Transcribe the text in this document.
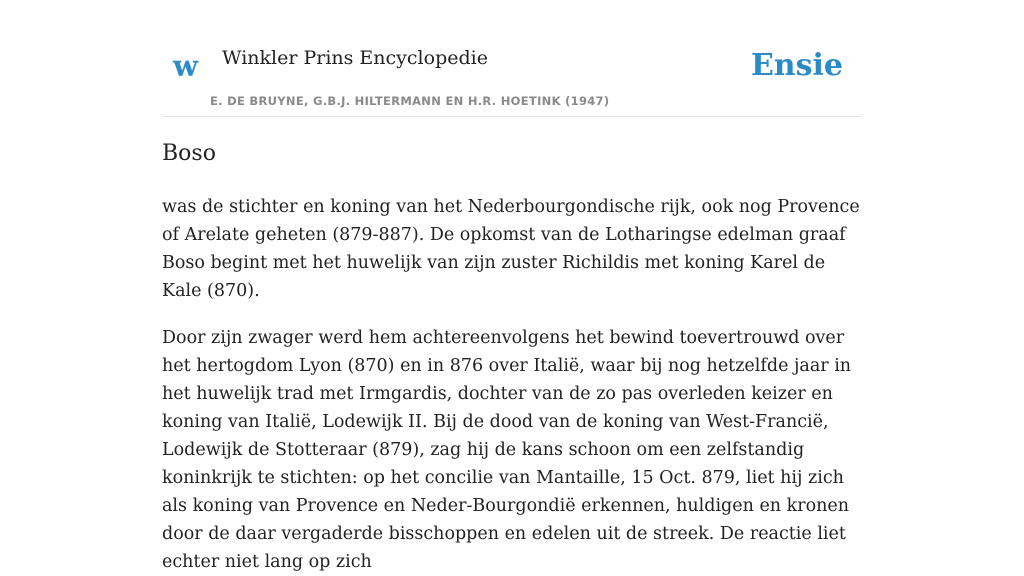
w Winkler Prins Encyclopedie
E. DE BRUYNE, G.B.J. HILTERMANN EN H.R. HOETINK (1947)
Ensie
Boso

was de stichter en koning van het Nederbourgondische rijk, ook nog Provence of Arelate geheten (879-887). De opkomst van de Lotharingse edelman graaf Boso begint met het huwelijk van zijn zuster Richildis met koning Karel de Kale (870).

Door zijn zwager werd hem achtereenvolgens het bewind toevertrouwd over het hertogdom Lyon (870) en in 876 over Italië, waar bij nog hetzelfde jaar in het huwelijk trad met Irmgardis, dochter van de zo pas overleden keizer en koning van Italië, Lodewijk II. Bij de dood van de koning van West-Francië, Lodewijk de Stotteraar (879), zag hij de kans schoon om een zelfstandig koninkrijk te stichten: op het concilie van Mantaille, 15 Oct. 879, liet hij zich als koning van Provence en Neder-Bourgondië erkennen, huldigen en kronen door de daar vergaderde bisschoppen en edelen uit de streek. De reactie liet echter niet lang op zich
